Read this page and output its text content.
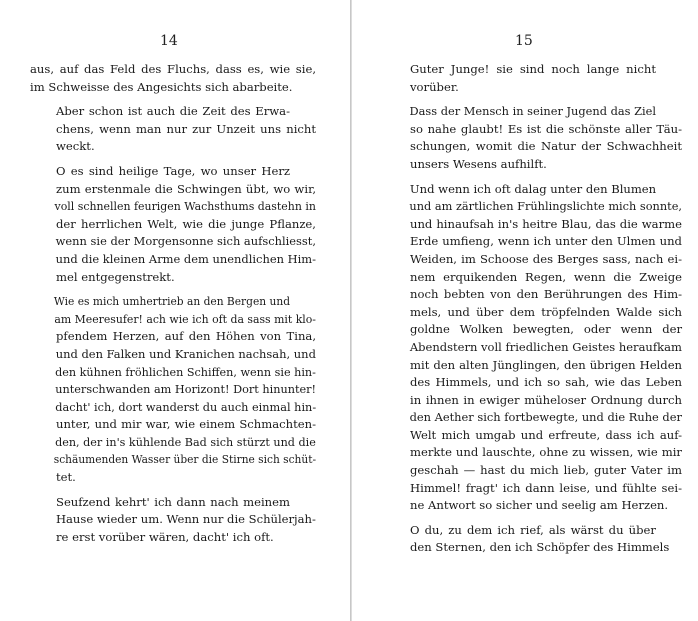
14

aus, auf das Feld des Fluchs, dass es, wie sie,
im Schweisse des Angesichts sich abarbeite.

Aber schon ist auch die Zeit des Erwa-
chens, wenn man nur zur Unzeit uns nicht
weckt.

O es sind heilige Tage, wo unser Herz
zum erstenmale die Schwingen übt, wo wir,
voll schnellen feurigen Wachsthums dastehn in
der herrlichen Welt, wie die junge Pflanze,
wenn sie der Morgensonne sich aufschliesst,
und die kleinen Arme dem unendlichen Him-
mel entgegenstrekt.

Wie es mich umhertrieb an den Bergen und
am Meeresufer! ach wie ich oft da sass mit klo-
pfendem Herzen, auf den Höhen von Tina,
und den Falken und Kranichen nachsah, und
den kühnen fröhlichen Schiffen, wenn sie hin-
unterschwanden am Horizont! Dort hinunter!
dacht' ich, dort wanderst du auch einmal hin-
unter, und mir war, wie einem Schmachten-
den, der in's kühlende Bad sich stürzt und die
schäumenden Wasser über die Stirne sich schüt-
tet.

Seufzend kehrt' ich dann nach meinem
Hause wieder um. Wenn nur die Schülerjah-
re erst vorüber wären, dacht' ich oft.

15

Guter Junge! sie sind noch lange nicht
vorüber.

Dass der Mensch in seiner Jugend das Ziel
so nahe glaubt! Es ist die schönste aller Täu-
schungen, womit die Natur der Schwachheit
unsers Wesens aufhilft.

Und wenn ich oft dalag unter den Blumen
und am zärtlichen Frühlingslichte mich sonnte,
und hinaufsah in's heitre Blau, das die warme
Erde umfieng, wenn ich unter den Ulmen und
Weiden, im Schoose des Berges sass, nach ei-
nem erquikenden Regen, wenn die Zweige
noch bebten von den Berührungen des Him-
mels, und über dem tröpfelnden Walde sich
goldne Wolken bewegten, oder wenn der
Abendstern voll friedlichen Geistes heraufkam
mit den alten Jünglingen, den übrigen Helden
des Himmels, und ich so sah, wie das Leben
in ihnen in ewiger müheloser Ordnung durch
den Aether sich fortbewegte, und die Ruhe der
Welt mich umgab und erfreute, dass ich auf-
merkte und lauschte, ohne zu wissen, wie mir
geschah — hast du mich lieb, guter Vater im
Himmel! fragt' ich dann leise, und fühlte sei-
ne Antwort so sicher und seelig am Herzen.

O du, zu dem ich rief, als wärst du über
den Sternen, den ich Schöpfer des Himmels
